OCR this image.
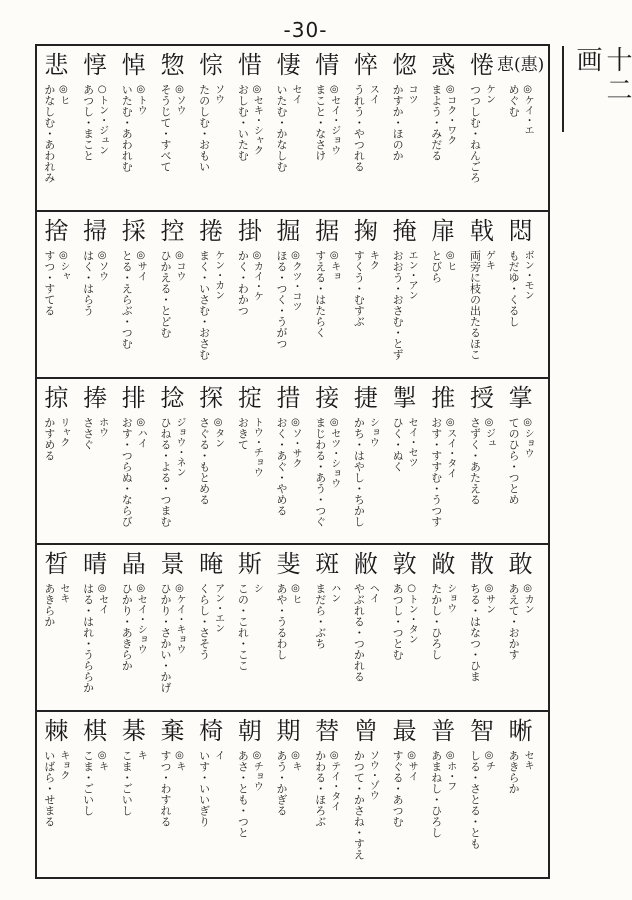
-30-
十二画
恵(惠)
◎ケイ・エ
めぐむ
惓
ケン
つつしむ・ねんごろ
惑
◎コク・ワク
まよう・みだる
惚
コツ
かすか・ほのか
悴
スイ
うれう・やつれる
情
◎セイ・ジョウ
まこと・なさけ
悽
セイ
いたむ・かなしむ
惜
◎セキ・シャク
おしむ・いたむ
悰
ソウ
たのしむ・おもい
惣
◎ソウ
そうじて・すべて
悼
◎トウ
いたむ・あわれむ
惇
○トン・ジュン
あつし・まこと
悲
◎ヒ
かなしむ・あわれみ
悶
ボン・モン
もだゆ・くるし
戟
ゲキ
両旁に枝の出たるほこ
扉
◎ヒ
とびら
掩
エン・アン
おおう・おさむ・とず
掬
キク
すくう・むすぶ
据
◎キョ
すえる・はたらく
掘
◎クツ・コツ
ほる・つく・うがつ
掛
◎カイ・ケ
かく・わかつ
捲
ケン・カン
まく・いさむ・おさむ
控
◎コウ
ひかえる・とどむ
採
◎サイ
とる・えらぶ・つむ
掃
◎ソウ
はく・はらう
捨
◎シャ
すつ・すてる
掌
◎ショウ
てのひら・つとめ
授
◎ジュ
さずく・あたえる
推
◎スイ・タイ
おす・すすむ・うつす
掣
セイ・セツ
ひく・ぬく
捷
ショウ
かち・はやし・ちかし
接
◎セツ・ショウ
まじわる・あう・つぐ
措
◎ソ・サク
おく・あぐ・やめる
掟
トウ・チョウ
おきて
探
◎タン
さぐる・もとめる
捻
ジョウ・ネン
ひねる・よる・つまむ
排
◎ハイ
おす・つらぬ・ならび
捧
ホウ
ささぐ
掠
リャク
かすめる
敢
◎カン
あえて・おかす
散
◎サン
ちる・はなつ・ひま
敞
ショウ
たかし・ひろし
敦
○トン・タン
あつし・つとむ
敝
ヘイ
やぶれる・つかれる
斑
ハン
まだら・ぶち
斐
◎ヒ
あや・うるわし
斯
シ
この・これ・ここ
晻
アン・エン
くらし・さそう
景
◎ケイ・キョウ
ひかり・さかい・かげ
晶
◎セイ・ショウ
ひかり・あきらか
晴
◎セイ
はる・はれ・うららか
晳
セキ
あきらか
晰
セキ
あきらか
智
◎チ
しる・さとる・とも
普
◎ホ・フ
あまねし・ひろし
最
◎サイ
すぐる・あつむ
曾
ソウ・ゾウ
かつて・かさね・すえ
替
◎テイ・タイ
かわる・ほろぶ
期
◎キ
あう・かぎる
朝
◎チョウ
あさ・とも・つと
椅
イ
いす・いいぎり
棄
◎キ
すつ・わすれる
棊
キ
こま・ごいし
棋
◎キ
こま・ごいし
棘
キョク
いばら・せまる
